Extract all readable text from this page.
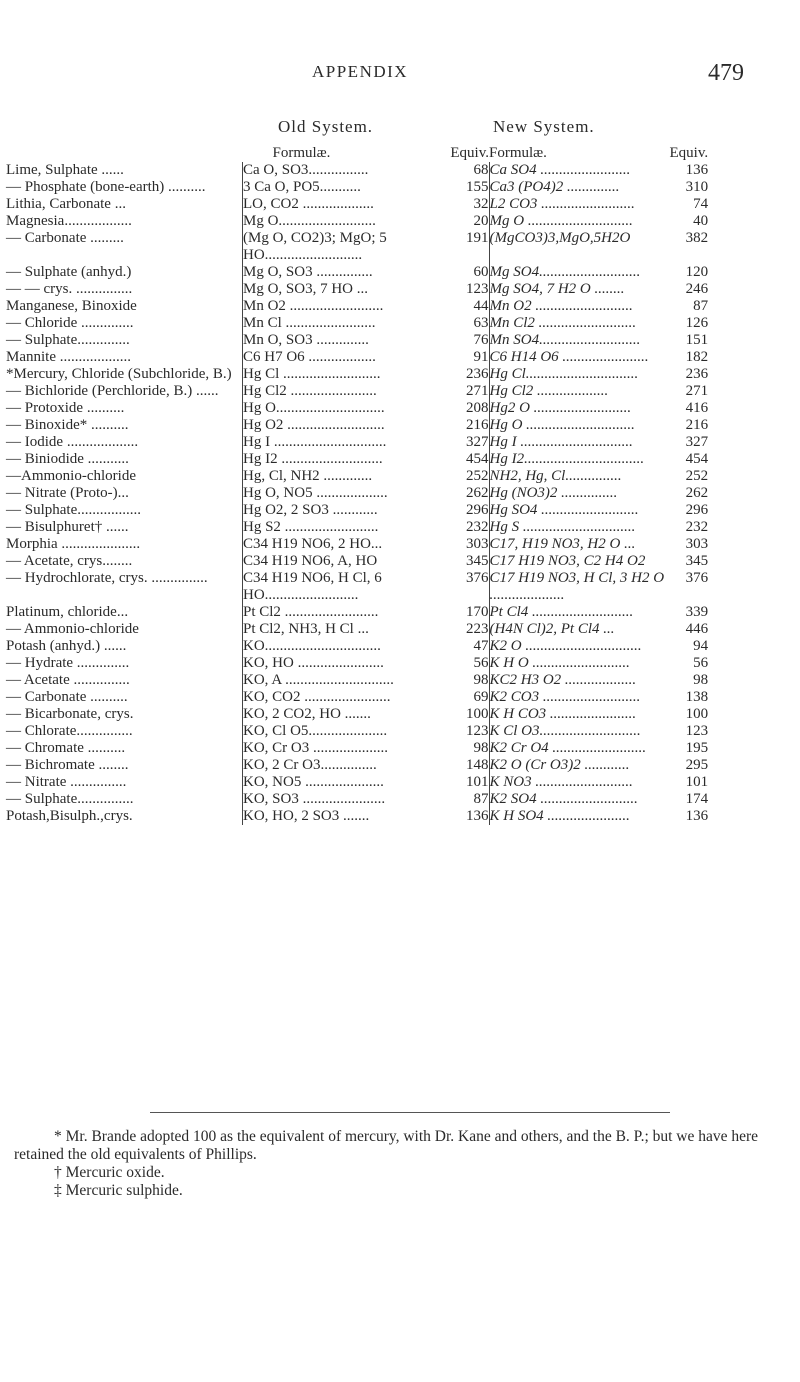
APPENDIX	479
Old System.	New System.
	Formulæ.	Equiv.	Formulæ.	Equiv.
Lime, Sulphate ......	Ca O, SO3................	68	Ca SO4 ........................	136
— Phosphate (bone-earth) ..........	3 Ca O, PO5...........	155	Ca3 (PO4)2 ..............	310
Lithia, Carbonate ...	LO, CO2 ...................	32	L2 CO3 .........................	74
Magnesia..................	Mg O..........................	20	Mg O ............................	40
— Carbonate .........	(Mg O, CO2)3; MgO; 5 HO..........................	191	(MgCO3)3,MgO,5H2O	382
— Sulphate (anhyd.)	Mg O, SO3 ...............	60	Mg SO4...........................	120
— — crys. ...............	Mg O, SO3, 7 HO ...	123	Mg SO4, 7 H2 O ........	246
Manganese, Binoxide	Mn O2 .........................	44	Mn O2 ..........................	87
— Chloride ..............	Mn Cl ........................	63	Mn Cl2 ..........................	126
— Sulphate..............	Mn O, SO3 ..............	76	Mn SO4...........................	151
Mannite ...................	C6 H7 O6 ..................	91	C6 H14 O6 .......................	182
*Mercury, Chloride (Subchloride, B.)	Hg Cl ..........................	236	Hg Cl..............................	236
— Bichloride (Perchloride, B.) ......	Hg Cl2 .......................	271	Hg Cl2 ...................	271
— Protoxide ..........	Hg O.............................	208	Hg2 O ..........................	416
— Binoxide* ..........	Hg O2 ..........................	216	Hg O .............................	216
— Iodide ...................	Hg I ..............................	327	Hg I ..............................	327
— Biniodide ...........	Hg I2 ...........................	454	Hg I2................................	454
—Ammonio-chloride	Hg, Cl, NH2 .............	252	NH2, Hg, Cl...............	252
— Nitrate (Proto-)...	Hg O, NO5 ...................	262	Hg (NO3)2 ...............	262
— Sulphate.................	Hg O2, 2 SO3 ............	296	Hg SO4 ..........................	296
— Bisulphuret† ......	Hg S2 .........................	232	Hg S ..............................	232
Morphia .....................	C34 H19 NO6, 2 HO...	303	C17, H19 NO3, H2 O ...	303
— Acetate, crys........	C34 H19 NO6, A, HO	345	C17 H19 NO3, C2 H4 O2	345
— Hydrochlorate, crys. ...............	C34 H19 NO6, H Cl, 6 HO.........................	376	C17 H19 NO3, H Cl, 3 H2 O ....................	376
Platinum, chloride...	Pt Cl2 .........................	170	Pt Cl4 ...........................	339
— Ammonio-chloride	Pt Cl2, NH3, H Cl ...	223	(H4N Cl)2, Pt Cl4 ...	446
Potash (anhyd.) ......	KO...............................	47	K2 O ...............................	94
— Hydrate ..............	KO, HO .......................	56	K H O ..........................	56
— Acetate ...............	KO, A .............................	98	KC2 H3 O2 ...................	98
— Carbonate ..........	KO, CO2 .......................	69	K2 CO3 ..........................	138
— Bicarbonate, crys.	KO, 2 CO2, HO .......	100	K H CO3 .......................	100
— Chlorate...............	KO, Cl O5.....................	123	K Cl O3...........................	123
— Chromate ..........	KO, Cr O3 ....................	98	K2 Cr O4 .........................	195
— Bichromate ........	KO, 2 Cr O3...............	148	K2 O (Cr O3)2 ............	295
— Nitrate ...............	KO, NO5 .....................	101	K NO3 ..........................	101
— Sulphate...............	KO, SO3 ......................	87	K2 SO4 ..........................	174
Potash,Bisulph.,crys.	KO, HO, 2 SO3 .......	136	K H SO4 ......................	136

* Mr. Brande adopted 100 as the equivalent of mercury, with Dr. Kane and others, and the B. P.; but we have here retained the old equivalents of Phillips.

† Mercuric oxide.

‡ Mercuric sulphide.
